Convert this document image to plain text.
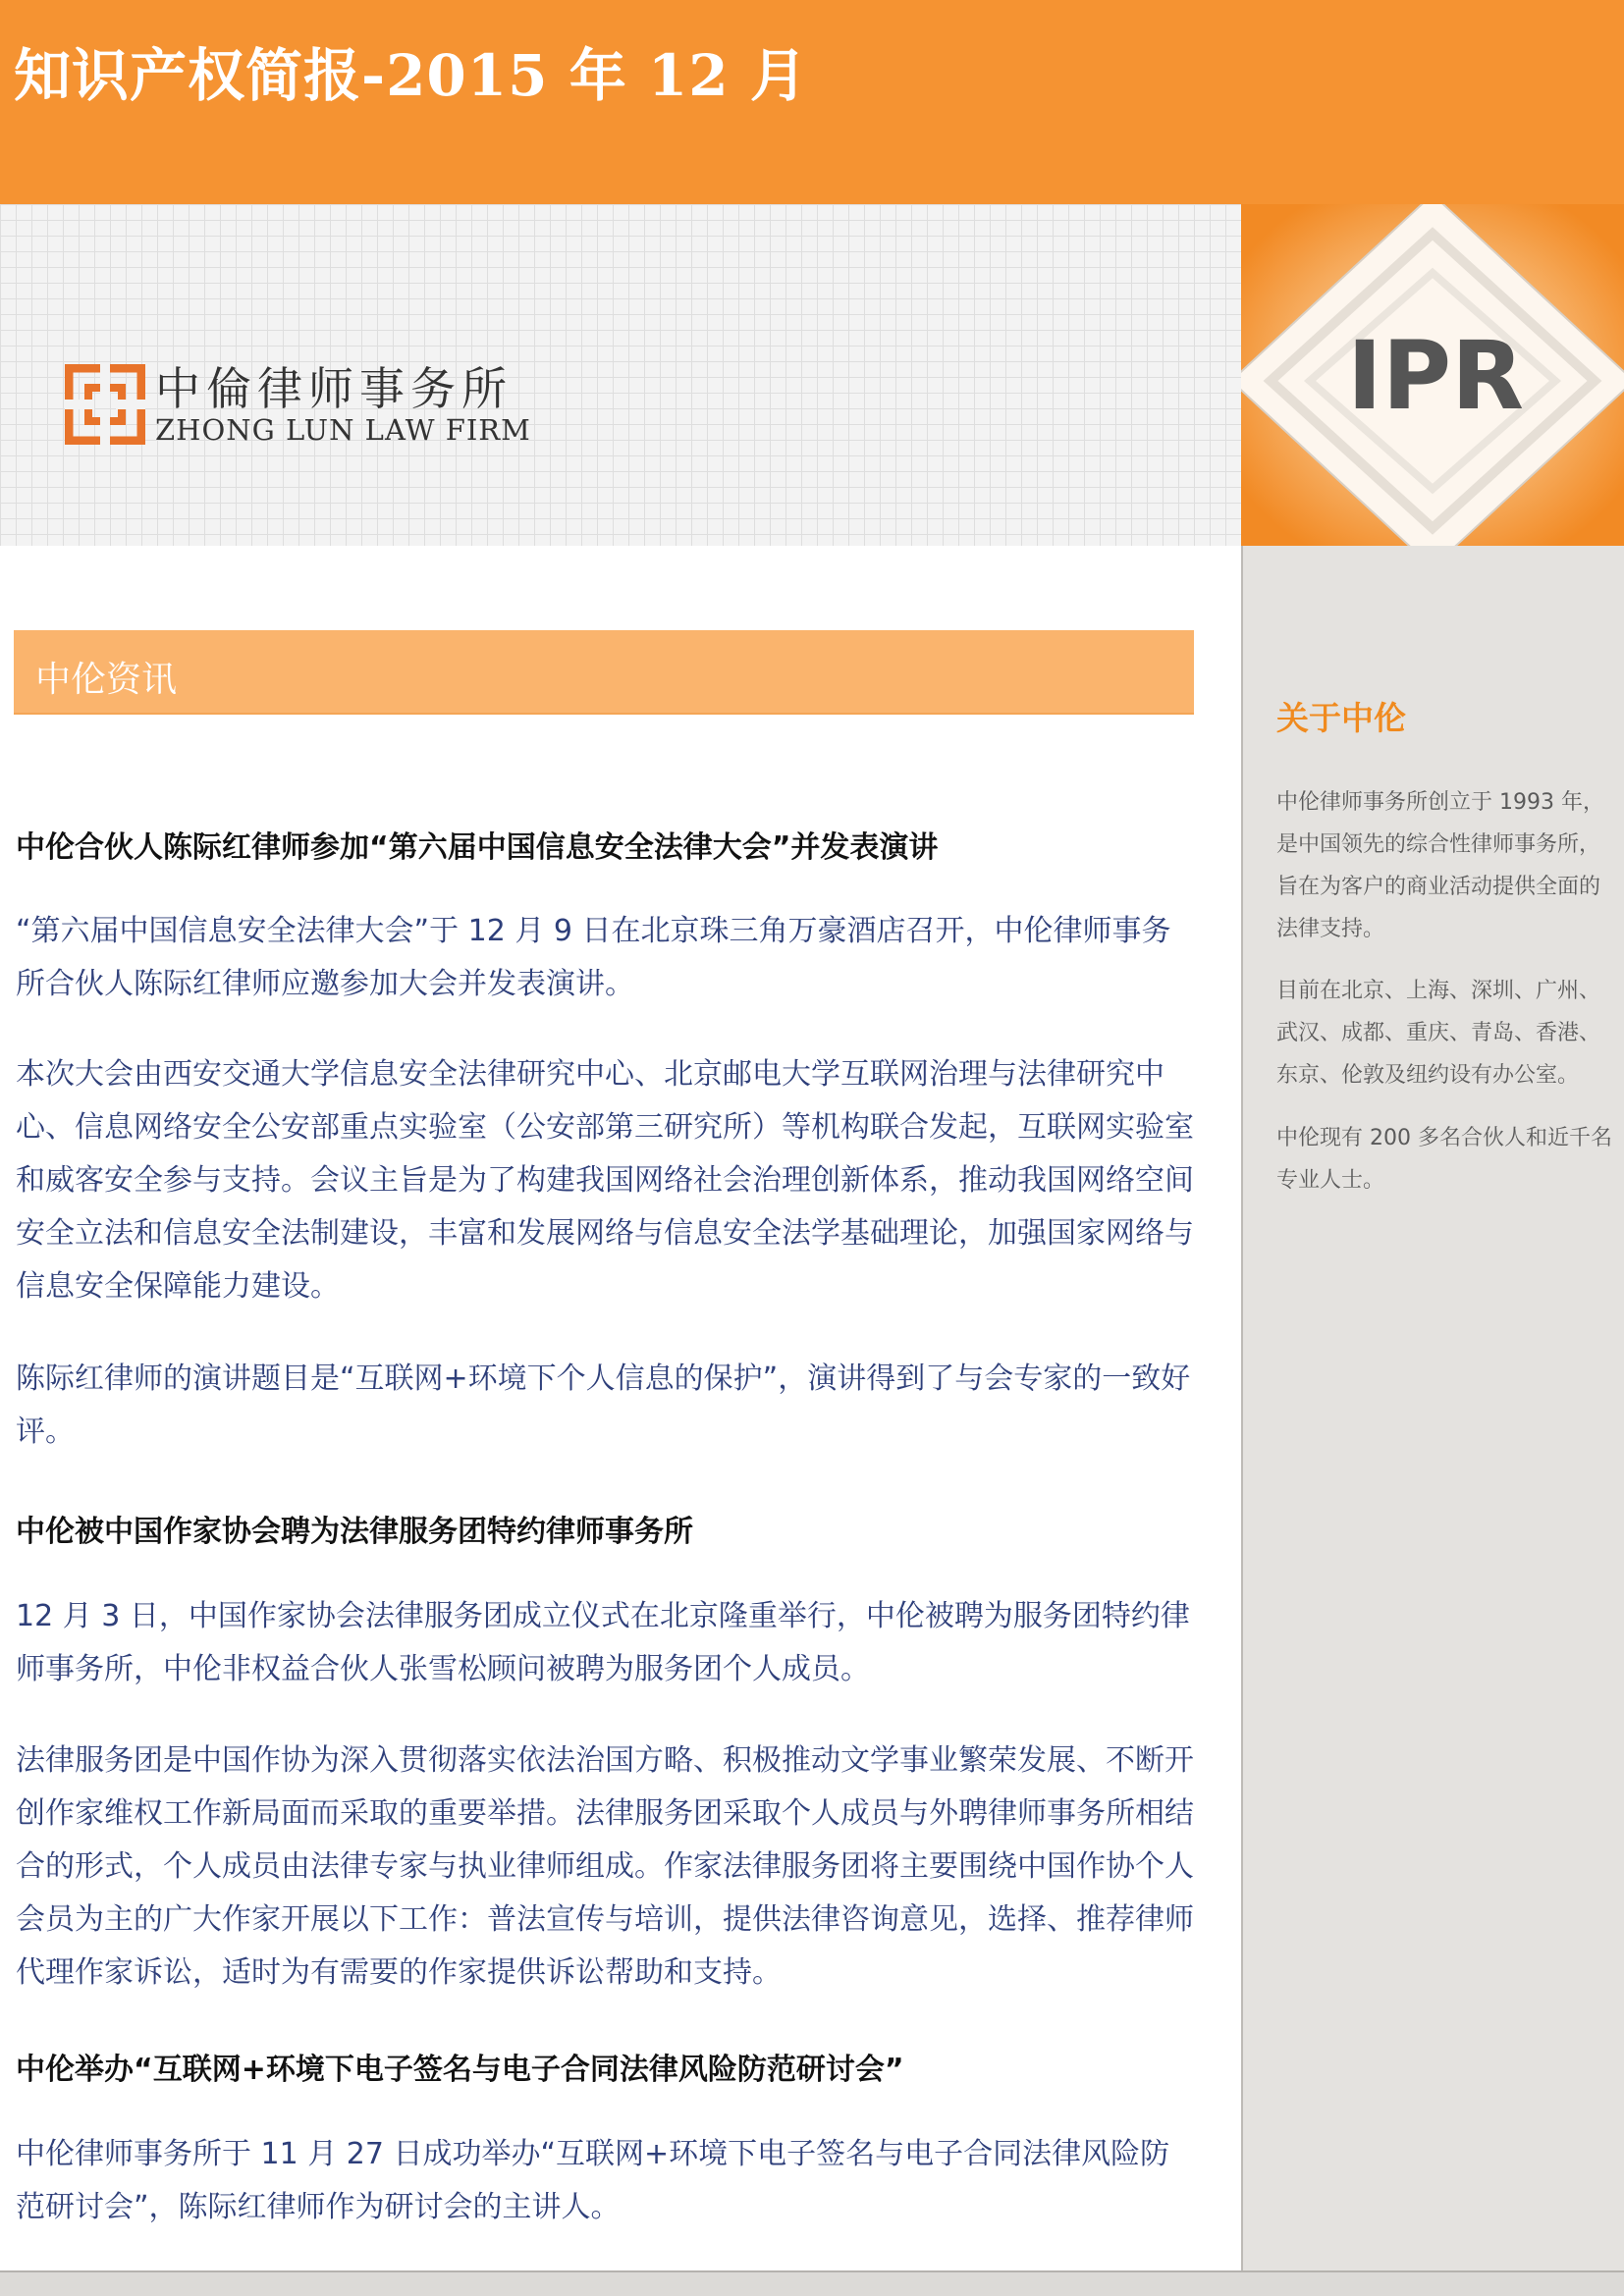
知识产权简报-2015 年 12 月
中倫律师事务所
ZHONG LUN LAW FIRM	IPR
关于中伦
中伦律师事务所创立于 1993 年，是中国领先的综合性律师事务所，旨在为客户的商业活动提供全面的法律支持。
目前在北京、上海、深圳、广州、武汉、成都、重庆、青岛、香港、东京、伦敦及纽约设有办公室。
中伦现有 200 多名合伙人和近千名专业人士。
中伦资讯
中伦合伙人陈际红律师参加“第六届中国信息安全法律大会”并发表演讲
“第六届中国信息安全法律大会”于 12 月 9 日在北京珠三角万豪酒店召开，中伦律师事务所合伙人陈际红律师应邀参加大会并发表演讲。
本次大会由西安交通大学信息安全法律研究中心、北京邮电大学互联网治理与法律研究中心、信息网络安全公安部重点实验室（公安部第三研究所）等机构联合发起，互联网实验室和威客安全参与支持。会议主旨是为了构建我国网络社会治理创新体系，推动我国网络空间安全立法和信息安全法制建设，丰富和发展网络与信息安全法学基础理论，加强国家网络与信息安全保障能力建设。
陈际红律师的演讲题目是“互联网+环境下个人信息的保护”，演讲得到了与会专家的一致好评。
中伦被中国作家协会聘为法律服务团特约律师事务所
12 月 3 日，中国作家协会法律服务团成立仪式在北京隆重举行，中伦被聘为服务团特约律师事务所，中伦非权益合伙人张雪松顾问被聘为服务团个人成员。
法律服务团是中国作协为深入贯彻落实依法治国方略、积极推动文学事业繁荣发展、不断开创作家维权工作新局面而采取的重要举措。法律服务团采取个人成员与外聘律师事务所相结合的形式，个人成员由法律专家与执业律师组成。作家法律服务团将主要围绕中国作协个人会员为主的广大作家开展以下工作：普法宣传与培训，提供法律咨询意见，选择、推荐律师代理作家诉讼，适时为有需要的作家提供诉讼帮助和支持。
中伦举办“互联网+环境下电子签名与电子合同法律风险防范研讨会”
中伦律师事务所于 11 月 27 日成功举办“互联网+环境下电子签名与电子合同法律风险防范研讨会”，陈际红律师作为研讨会的主讲人。
